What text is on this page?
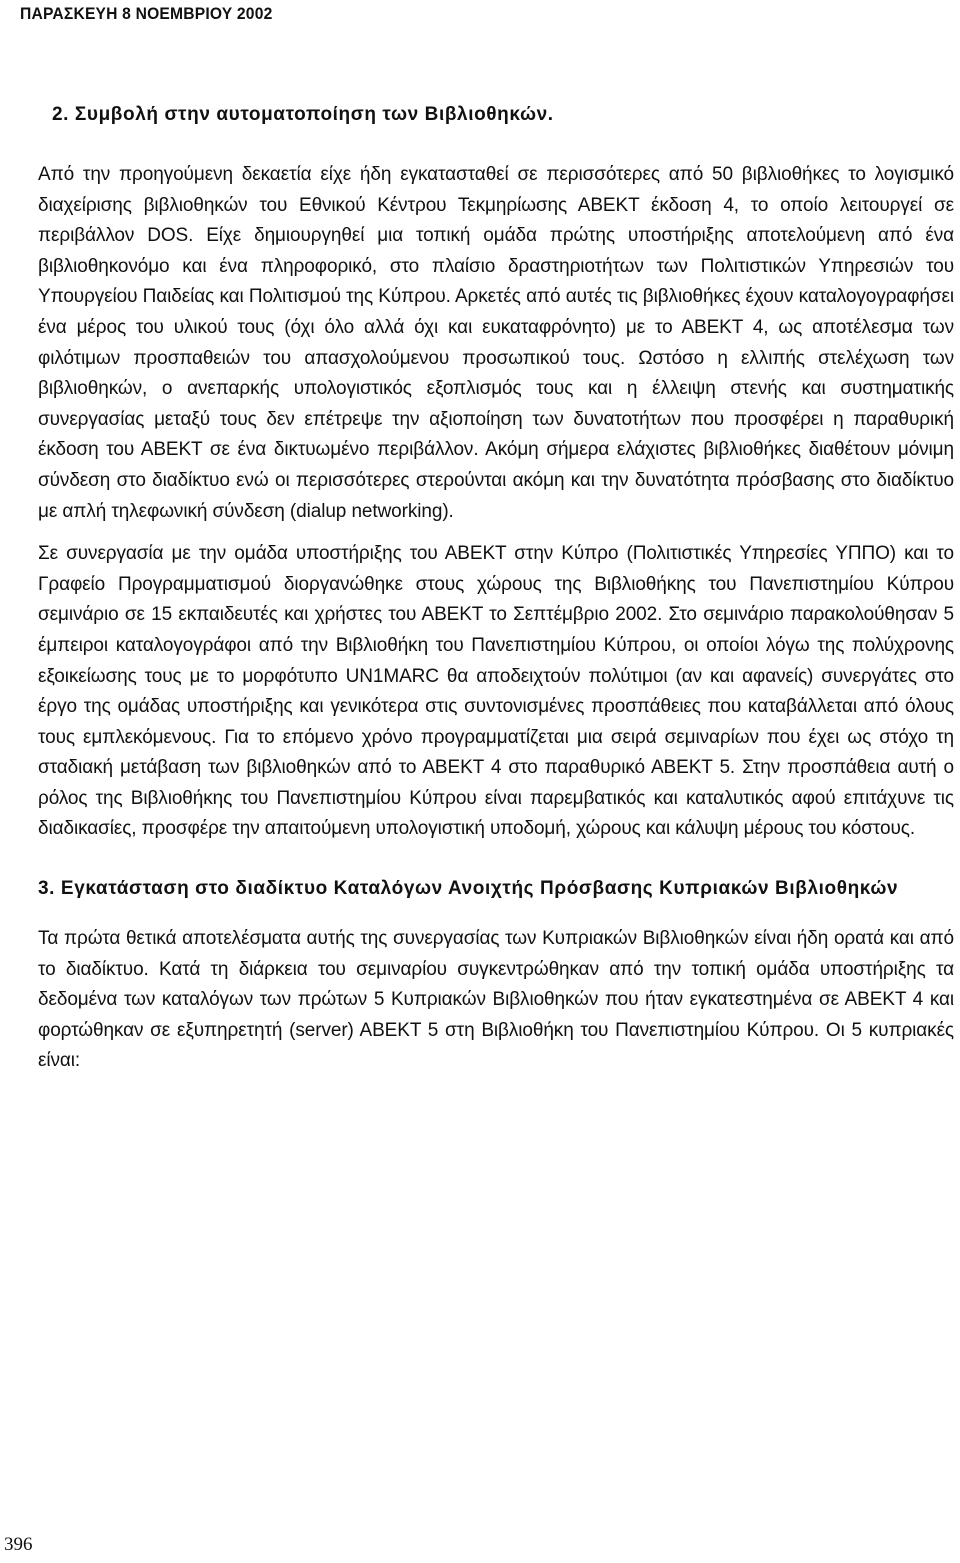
ΠΑΡΑΣΚΕΥΗ 8 ΝΟΕΜΒΡΙΟΥ 2002
2. Συμβολή στην αυτοματοποίηση των Βιβλιοθηκών.

Από την προηγούμενη δεκαετία είχε ήδη εγκατασταθεί σε περισσότερες από 50 βιβλιοθήκες το λογισμικό διαχείρισης βιβλιοθηκών του Εθνικού Κέντρου Τεκμηρίωσης ΑΒΕΚΤ έκδοση 4, το οποίο λειτουργεί σε περιβάλλον DOS. Είχε δημιουργηθεί μια τοπική ομάδα πρώτης υποστήριξης αποτελούμενη από ένα βιβλιοθηκονόμο και ένα πληροφορικό, στο πλαίσιο δραστηριοτήτων των Πολιτιστικών Υπηρεσιών του Υπουργείου Παιδείας και Πολιτισμού της Κύπρου. Αρκετές από αυτές τις βιβλιοθήκες έχουν καταλογογραφήσει ένα μέρος του υλικού τους (όχι όλο αλλά όχι και ευκαταφρόνητο) με το ΑΒΕΚΤ 4, ως αποτέλεσμα των φιλότιμων προσπαθειών του απασχολούμενου προσωπικού τους. Ωστόσο η ελλιπής στελέχωση των βιβλιοθηκών, ο ανεπαρκής υπολογιστικός εξοπλισμός τους και η έλλειψη στενής και συστηματικής συνεργασίας μεταξύ τους δεν επέτρεψε την αξιοποίηση των δυνατοτήτων που προσφέρει η παραθυρική έκδοση του ΑΒΕΚΤ σε ένα δικτυωμένο περιβάλλον. Ακόμη σήμερα ελάχιστες βιβλιοθήκες διαθέτουν μόνιμη σύνδεση στο διαδίκτυο ενώ οι περισσότερες στερούνται ακόμη και την δυνατότητα πρόσβασης στο διαδίκτυο με απλή τηλεφωνική σύνδεση (dialup networking).

Σε συνεργασία με την ομάδα υποστήριξης του ΑΒΕΚΤ στην Κύπρο (Πολιτιστικές Υπηρεσίες ΥΠΠΟ) και το Γραφείο Προγραμματισμού διοργανώθηκε στους χώρους της Βιβλιοθήκης του Πανεπιστημίου Κύπρου σεμινάριο σε 15 εκπαιδευτές και χρήστες του ΑΒΕΚΤ το Σεπτέμβριο 2002. Στο σεμινάριο παρακολούθησαν 5 έμπειροι καταλογογράφοι από την Βιβλιοθήκη του Πανεπιστημίου Κύπρου, οι οποίοι λόγω της πολύχρονης εξοικείωσης τους με το μορφότυπο UN1MARC θα αποδειχτούν πολύτιμοι (αν και αφανείς) συνεργάτες στο έργο της ομάδας υποστήριξης και γενικότερα στις συντονισμένες προσπάθειες που καταβάλλεται από όλους τους εμπλεκόμενους. Για το επόμενο χρόνο προγραμματίζεται μια σειρά σεμιναρίων που έχει ως στόχο τη σταδιακή μετάβαση των βιβλιοθηκών από το ΑΒΕΚΤ 4 στο παραθυρικό ΑΒΕΚΤ 5. Στην προσπάθεια αυτή ο ρόλος της Βιβλιοθήκης του Πανεπιστημίου Κύπρου είναι παρεμβατικός και καταλυτικός αφού επιτάχυνε τις διαδικασίες, προσφέρε την απαιτούμενη υπολογιστική υποδομή, χώρους και κάλυψη μέρους του κόστους.

3. Εγκατάσταση στο διαδίκτυο Καταλόγων Ανοιχτής Πρόσβασης Κυπριακών Βιβλιοθηκών

Τα πρώτα θετικά αποτελέσματα αυτής της συνεργασίας των Κυπριακών Βιβλιοθηκών είναι ήδη ορατά και από το διαδίκτυο. Κατά τη διάρκεια του σεμιναρίου συγκεντρώθηκαν από την τοπική ομάδα υποστήριξης τα δεδομένα των καταλόγων των πρώτων 5 Κυπριακών Βιβλιοθηκών που ήταν εγκατεστημένα σε ΑΒΕΚΤ 4 και φορτώθηκαν σε εξυπηρετητή (server) ΑΒΕΚΤ 5 στη Βιβλιοθήκη του Πανεπιστημίου Κύπρου. Οι 5 κυπριακές είναι:

396
